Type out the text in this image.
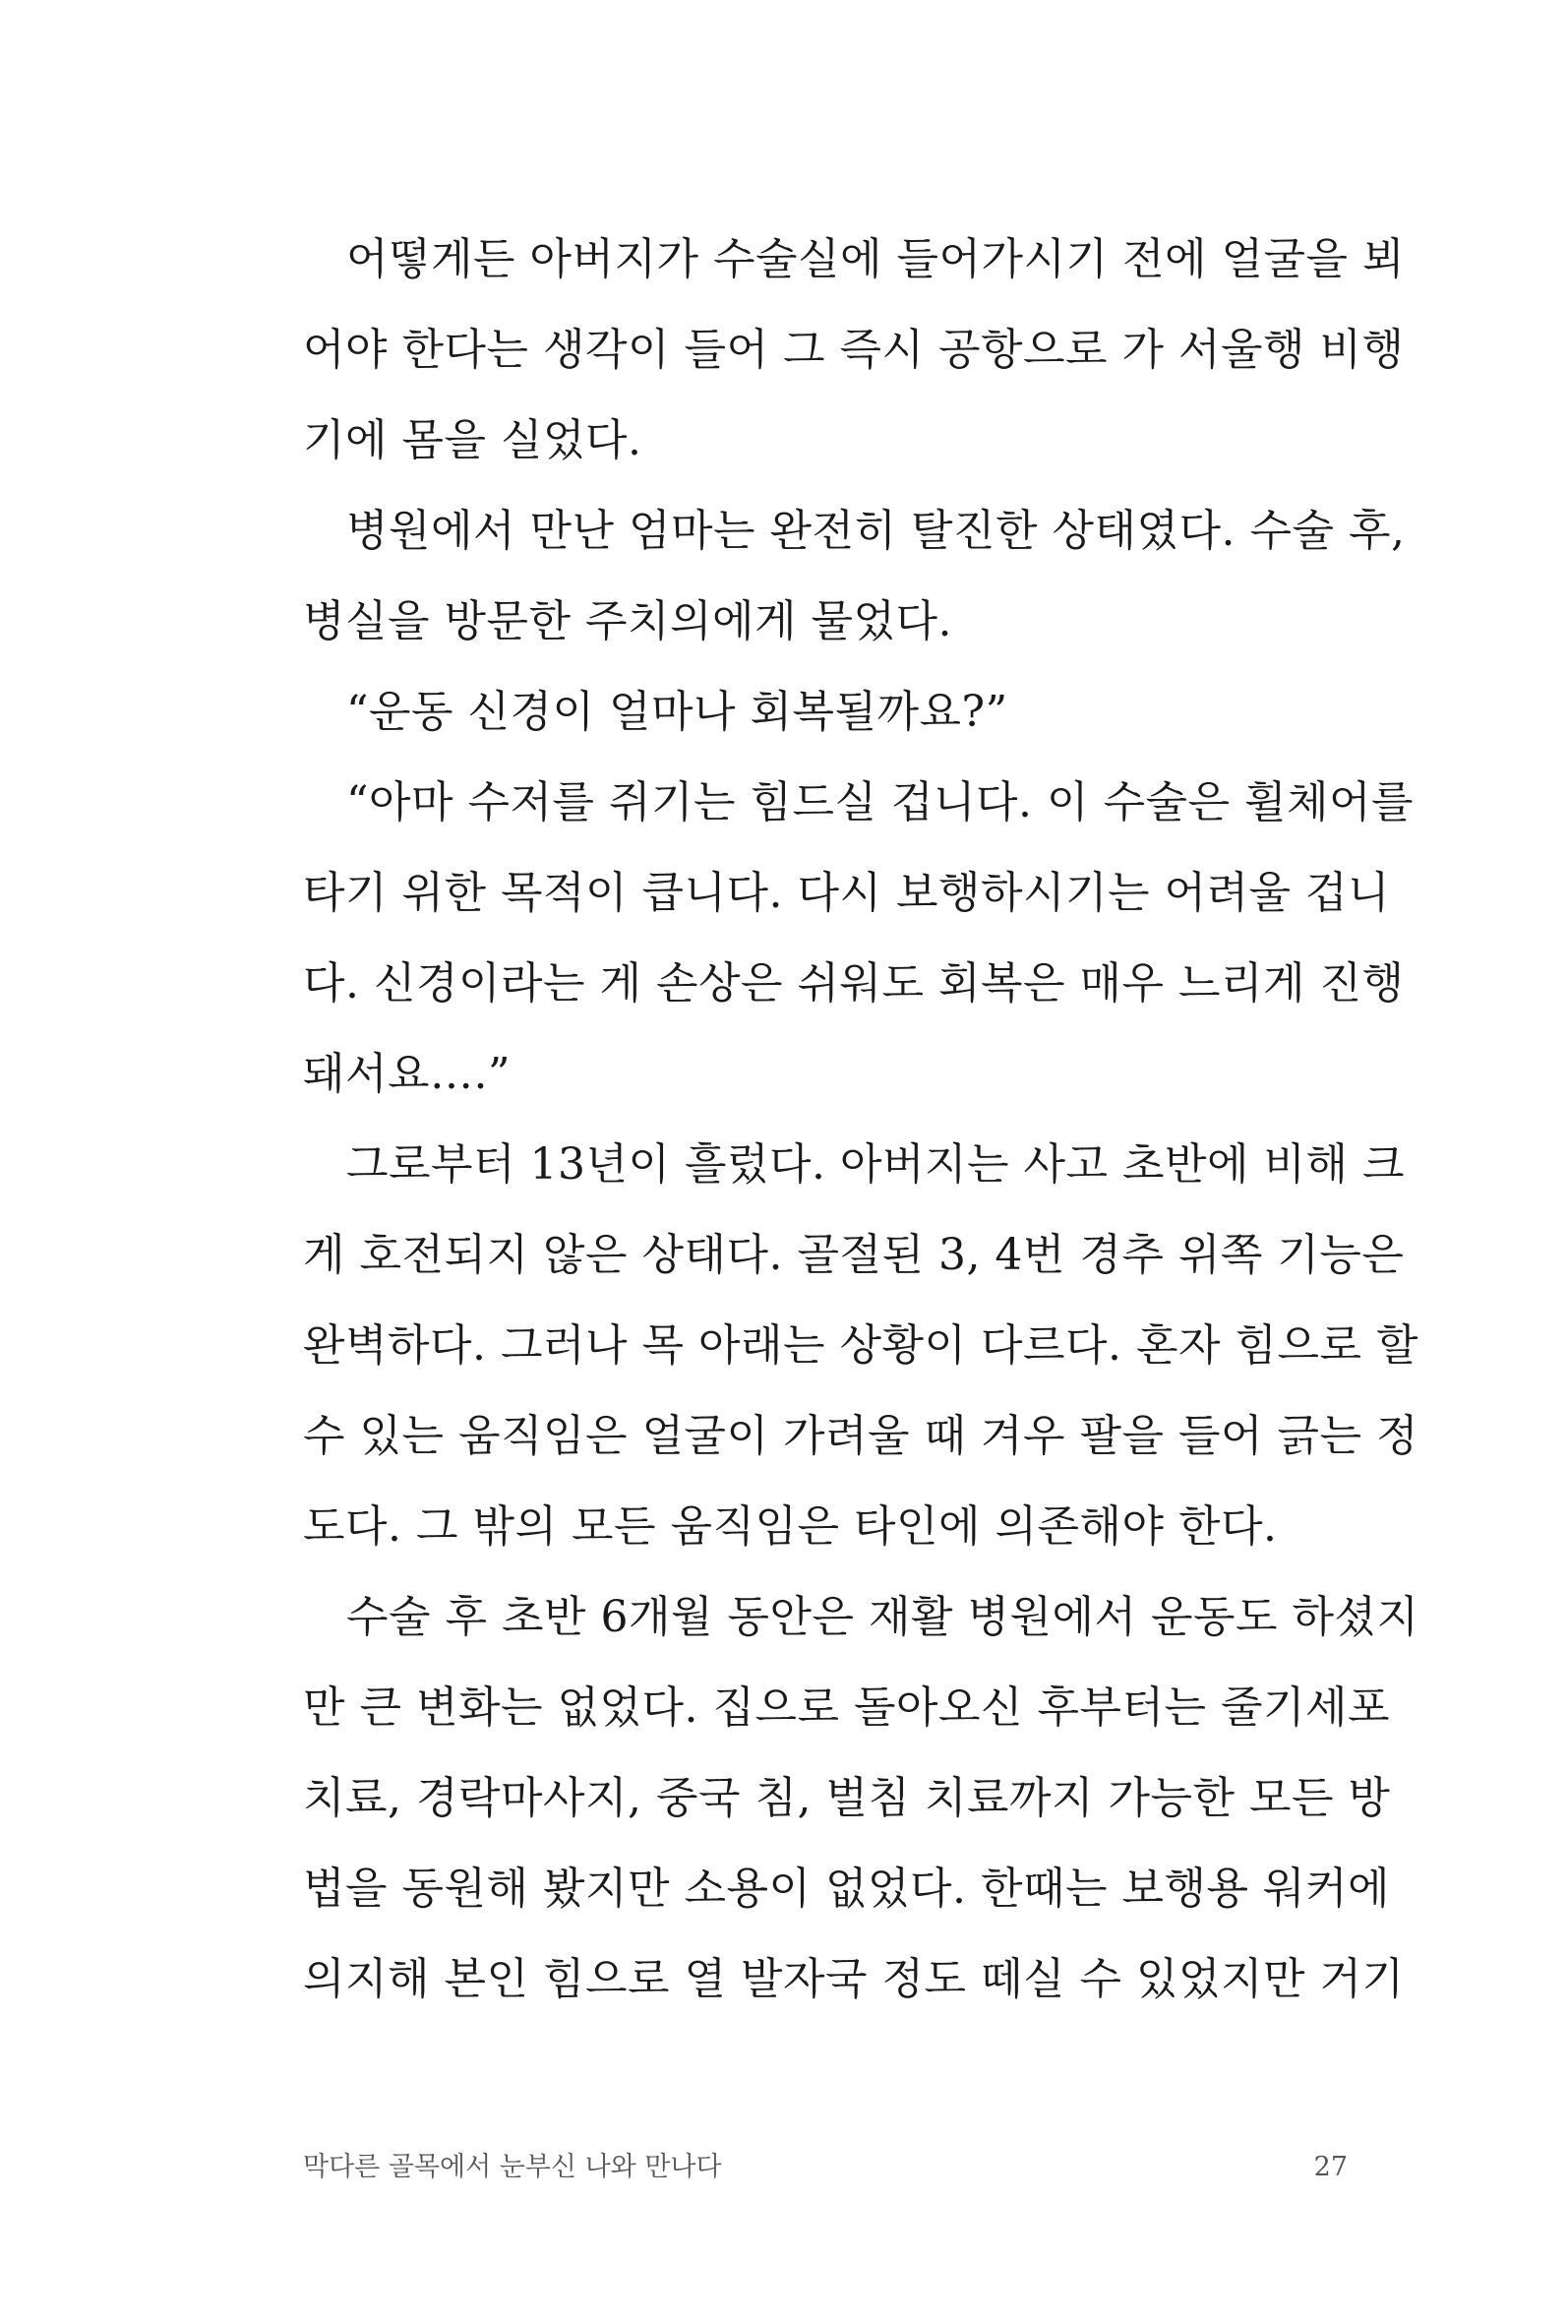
어떻게든 아버지가 수술실에 들어가시기 전에 얼굴을 뵈
어야 한다는 생각이 들어 그 즉시 공항으로 가 서울행 비행
기에 몸을 실었다.
병원에서 만난 엄마는 완전히 탈진한 상태였다. 수술 후,
병실을 방문한 주치의에게 물었다.
“운동 신경이 얼마나 회복될까요?”
“아마 수저를 쥐기는 힘드실 겁니다. 이 수술은 휠체어를
타기 위한 목적이 큽니다. 다시 보행하시기는 어려울 겁니
다. 신경이라는 게 손상은 쉬워도 회복은 매우 느리게 진행
돼서요….”
그로부터 13년이 흘렀다. 아버지는 사고 초반에 비해 크
게 호전되지 않은 상태다. 골절된 3, 4번 경추 위쪽 기능은
완벽하다. 그러나 목 아래는 상황이 다르다. 혼자 힘으로 할
수 있는 움직임은 얼굴이 가려울 때 겨우 팔을 들어 긁는 정
도다. 그 밖의 모든 움직임은 타인에 의존해야 한다.
수술 후 초반 6개월 동안은 재활 병원에서 운동도 하셨지
만 큰 변화는 없었다. 집으로 돌아오신 후부터는 줄기세포
치료, 경락마사지, 중국 침, 벌침 치료까지 가능한 모든 방
법을 동원해 봤지만 소용이 없었다. 한때는 보행용 워커에
의지해 본인 힘으로 열 발자국 정도 떼실 수 있었지만 거기
막다른 골목에서 눈부신 나와 만나다	27
